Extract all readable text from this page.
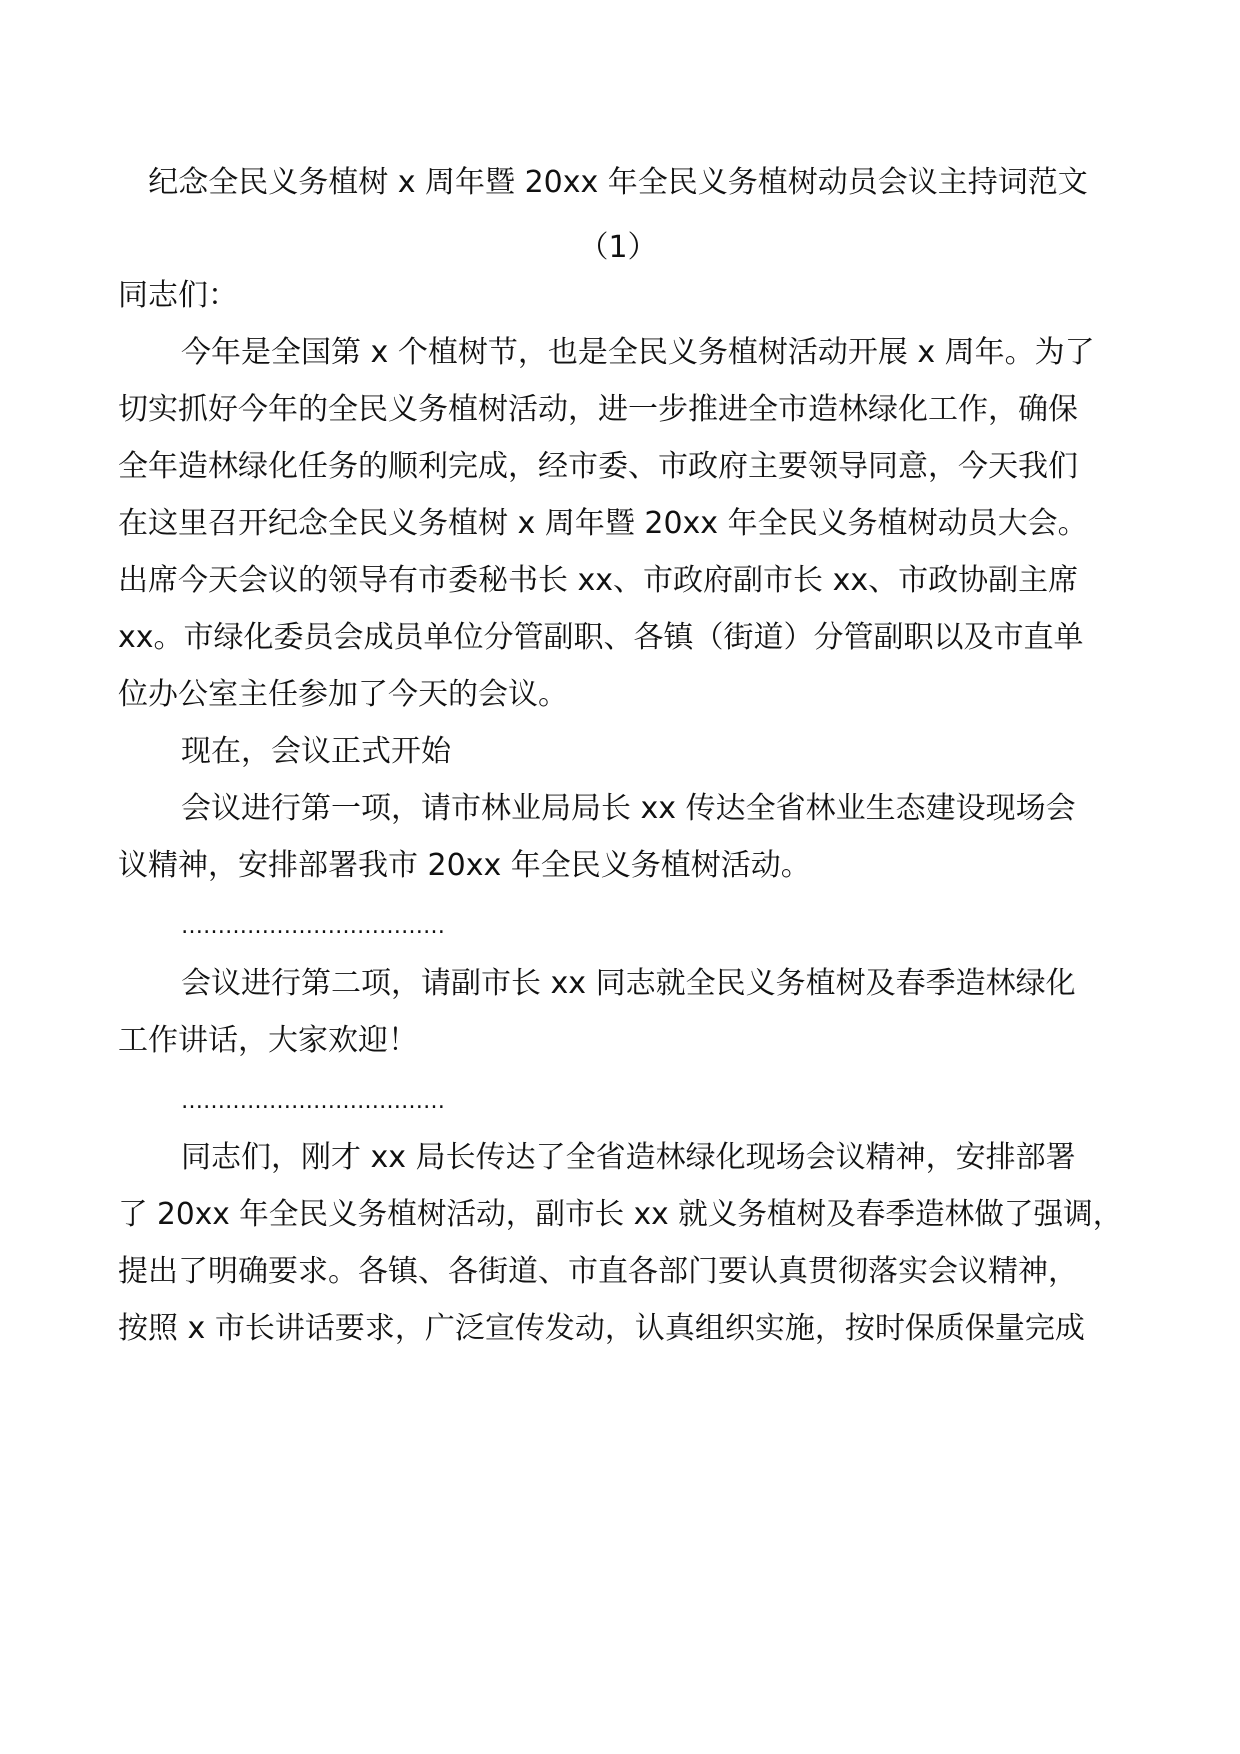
纪念全民义务植树 x 周年暨 20xx 年全民义务植树动员会议主持词范文
（1）
同志们：
今年是全国第 x 个植树节，也是全民义务植树活动开展 x 周年。为了
切实抓好今年的全民义务植树活动，进一步推进全市造林绿化工作，确保
全年造林绿化任务的顺利完成，经市委、市政府主要领导同意，今天我们
在这里召开纪念全民义务植树 x 周年暨 20xx 年全民义务植树动员大会。
出席今天会议的领导有市委秘书长 xx、市政府副市长 xx、市政协副主席
xx。市绿化委员会成员单位分管副职、各镇（街道）分管副职以及市直单
位办公室主任参加了今天的会议。
现在，会议正式开始
会议进行第一项，请市林业局局长 xx 传达全省林业生态建设现场会
议精神，安排部署我市 20xx 年全民义务植树活动。
………………………………
会议进行第二项，请副市长 xx 同志就全民义务植树及春季造林绿化
工作讲话，大家欢迎！
………………………………
同志们，刚才 xx 局长传达了全省造林绿化现场会议精神，安排部署
了 20xx 年全民义务植树活动，副市长 xx 就义务植树及春季造林做了强调，
提出了明确要求。各镇、各街道、市直各部门要认真贯彻落实会议精神，
按照 x 市长讲话要求，广泛宣传发动，认真组织实施，按时保质保量完成
